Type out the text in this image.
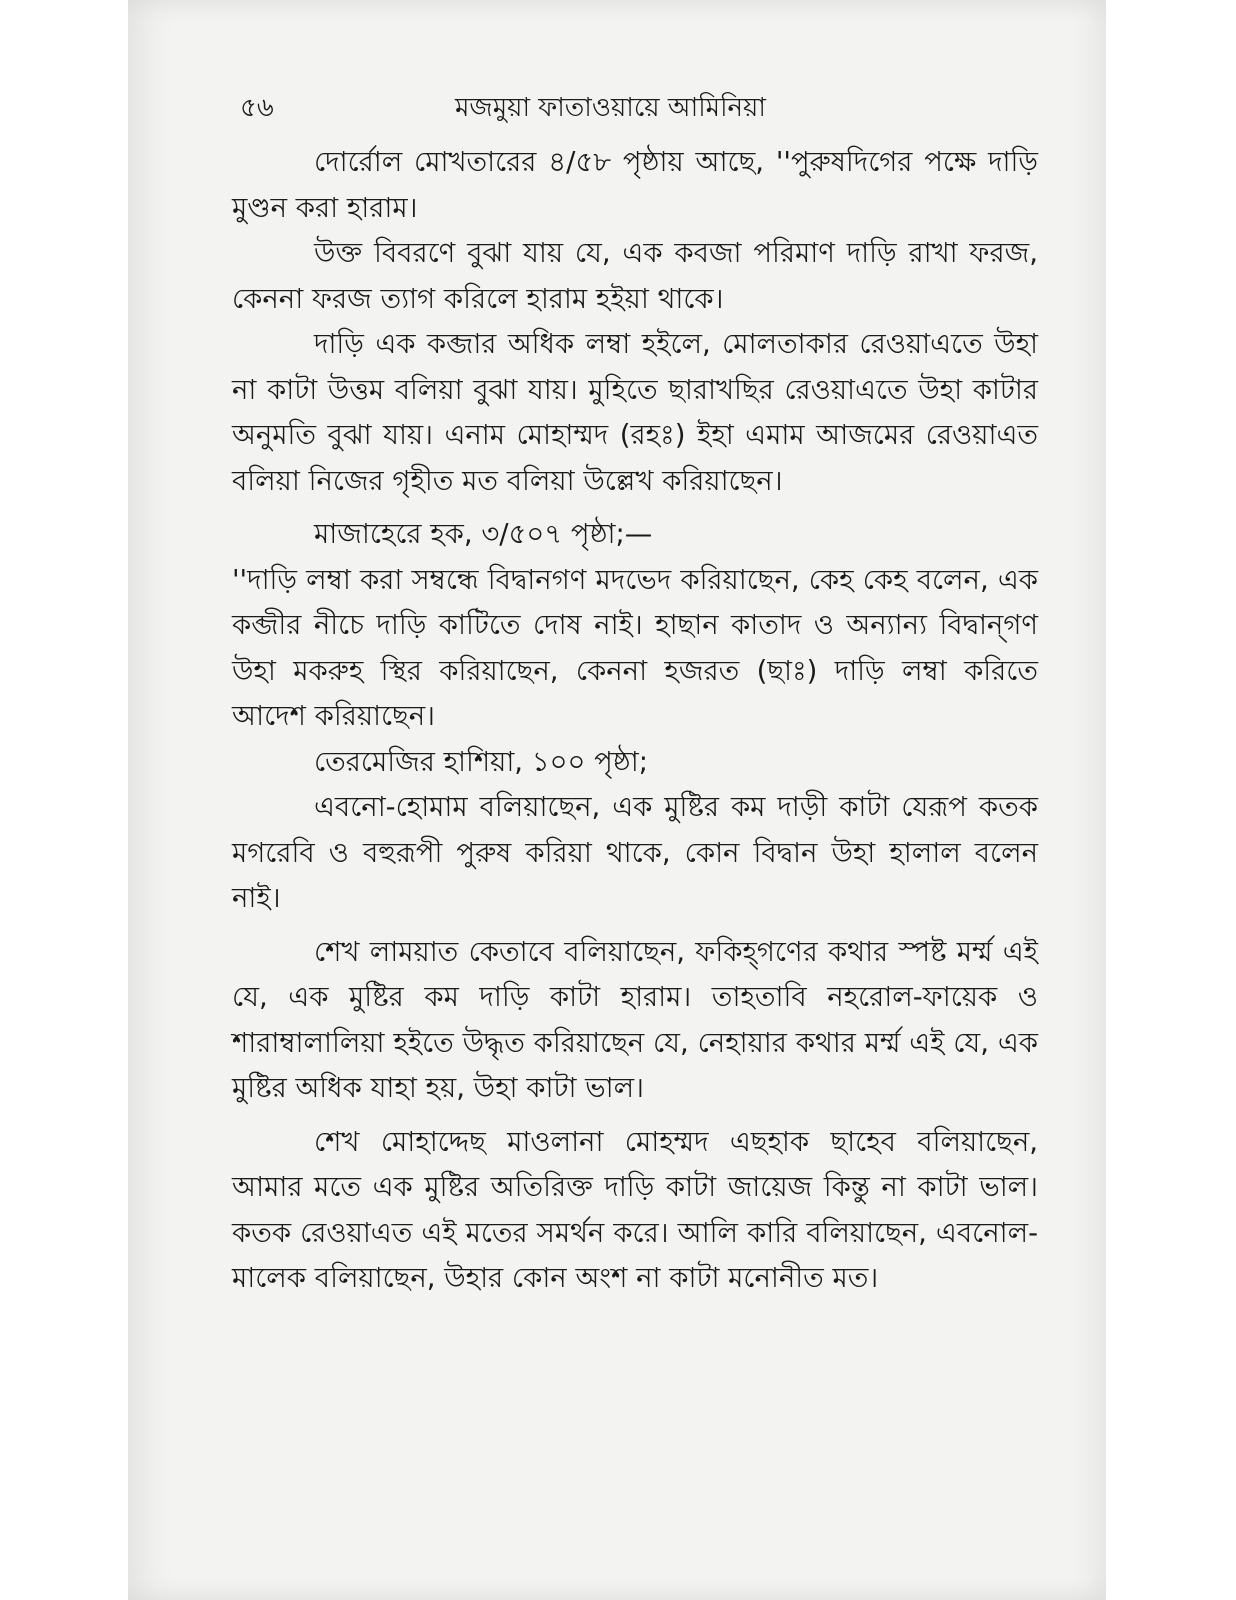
৫৬	মজমুয়া ফাতাওয়ায়ে আমিনিয়া

দোর্রোল মোখতারের ৪/৫৮ পৃষ্ঠায় আছে, ''পুরুষদিগের পক্ষে দাড়ি মুণ্ডন করা হারাম।

উক্ত বিবরণে বুঝা যায় যে, এক কবজা পরিমাণ দাড়ি রাখা ফরজ, কেননা ফরজ ত্যাগ করিলে হারাম হইয়া থাকে।

দাড়ি এক কব্জার অধিক লম্বা হইলে, মোলতাকার রেওয়াএতে উহা না কাটা উত্তম বলিয়া বুঝা যায়। মুহিতে ছারাখছির রেওয়াএতে উহা কাটার অনুমতি বুঝা যায়। এনাম মোহাম্মদ (রহঃ) ইহা এমাম আজমের রেওয়াএত বলিয়া নিজের গৃহীত মত বলিয়া উল্লেখ করিয়াছেন।

মাজাহেরে হক, ৩/৫০৭ পৃষ্ঠা;—

''দাড়ি লম্বা করা সম্বন্ধে বিদ্বানগণ মদভেদ করিয়াছেন, কেহ কেহ বলেন, এক কব্জীর নীচে দাড়ি কাটিতে দোষ নাই। হাছান কাতাদ ও অন্যান্য বিদ্বান্‌গণ উহা মকরুহ স্থির করিয়াছেন, কেননা হজরত (ছাঃ) দাড়ি লম্বা করিতে আদেশ করিয়াছেন।

তেরমেজির হাশিয়া, ১০০ পৃষ্ঠা;

এবনো-হোমাম বলিয়াছেন, এক মুষ্টির কম দাড়ী কাটা যেরূপ কতক মগরেবি ও বহুরূপী পুরুষ করিয়া থাকে, কোন বিদ্বান উহা হালাল বলেন নাই।

শেখ লাময়াত কেতাবে বলিয়াছেন, ফকিহ্গণের কথার স্পষ্ট মর্ম্ম এই যে, এক মুষ্টির কম দাড়ি কাটা হারাম। তাহতাবি নহরোল-ফায়েক ও শারাম্বালালিয়া হইতে উদ্ধৃত করিয়াছেন যে, নেহায়ার কথার মর্ম্ম এই যে, এক মুষ্টির অধিক যাহা হয়, উহা কাটা ভাল।

শেখ মোহাদ্দেছ মাওলানা মোহম্মদ এছহাক ছাহেব বলিয়াছেন, আমার মতে এক মুষ্টির অতিরিক্ত দাড়ি কাটা জায়েজ কিন্তু না কাটা ভাল। কতক রেওয়াএত এই মতের সমর্থন করে। আলি কারি বলিয়াছেন, এবনোল-মালেক বলিয়াছেন, উহার কোন অংশ না কাটা মনোনীত মত।
